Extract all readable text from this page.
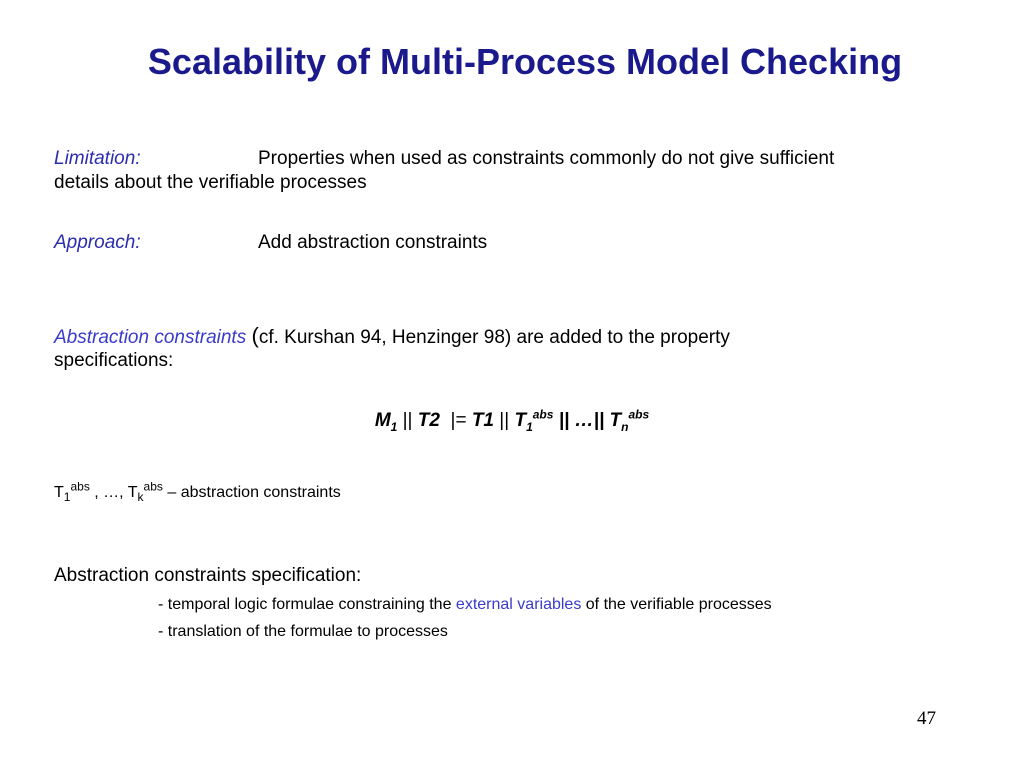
Scalability of Multi-Process Model Checking
Limitation:	Properties when used as constraints commonly do not give sufficient
details about the verifiable processes
Approach:	Add abstraction constraints
Abstraction constraints (cf. Kurshan 94, Henzinger 98) are added to the property
specifications:
$M_1$ || T2  |= T1 || $T_1^{abs}$ || …|| $T_n^{abs}$
$T_1^{abs}$ , …, $T_k^{abs}$ – abstraction constraints
Abstraction constraints specification:
- temporal logic formulae constraining the external variables of the verifiable processes
- translation of the formulae to processes
47
